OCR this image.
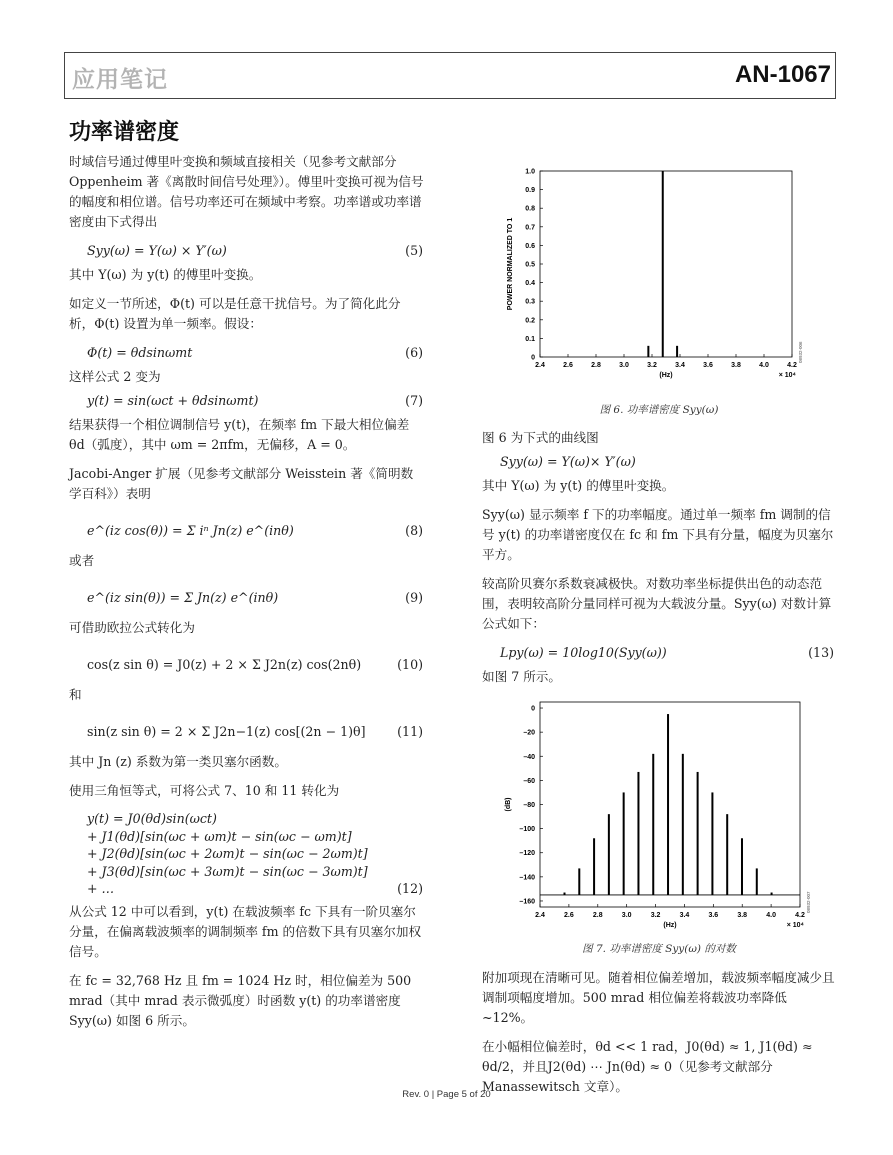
应用笔记	AN-1067
功率谱密度

时域信号通过傅里叶变换和频域直接相关（见参考文献部分 Oppenheim 著《离散时间信号处理》）。傅里叶变换可视为信号的幅度和相位谱。信号功率还可在频域中考察。功率谱或功率谱密度由下式得出

Syy(ω) = Y(ω) × Y′(ω)	(5)

其中 Y(ω) 为 y(t) 的傅里叶变换。

如定义一节所述，Φ(t) 可以是任意干扰信号。为了简化此分析，Φ(t) 设置为单一频率。假设：

Φ(t) = θdsinωmt	(6)

这样公式 2 变为

y(t) = sin(ωct + θdsinωmt)	(7)

结果获得一个相位调制信号 y(t)，在频率 fm 下最大相位偏差 θd（弧度），其中 ωm = 2πfm，无偏移，A = 0。

Jacobi-Anger 扩展（见参考文献部分 Weisstein 著《简明数学百科》）表明

e^(iz cos(θ)) = Σ iⁿ Jn(z) e^(inθ)	(8)

或者

e^(iz sin(θ)) = Σ Jn(z) e^(inθ)	(9)

可借助欧拉公式转化为

cos(z sin θ) = J0(z) + 2 × Σ J2n(z) cos(2nθ)	(10)

和

sin(z sin θ) = 2 × Σ J2n−1(z) cos[(2n − 1)θ]	(11)

其中 Jn (z) 系数为第一类贝塞尔函数。

使用三角恒等式，可将公式 7、10 和 11 转化为

y(t) = J0(θd)sin(ωct)
+ J1(θd)[sin(ωc + ωm)t − sin(ωc − ωm)t]
+ J2(θd)[sin(ωc + 2ωm)t − sin(ωc − 2ωm)t]
+ J3(θd)[sin(ωc + 3ωm)t − sin(ωc − 3ωm)t]
+ …	(12)

从公式 12 中可以看到，y(t) 在载波频率 fc 下具有一阶贝塞尔分量，在偏离载波频率的调制频率 fm 的倍数下具有贝塞尔加权信号。

在 fc = 32,768 Hz 且 fm = 1024 Hz 时，相位偏差为 500 mrad（其中 mrad 表示微弧度）时函数 y(t) 的功率谱密度 Syy(ω) 如图 6 所示。

0
0.1
0.2
0.3
0.4
0.5
0.6
0.7
0.8
0.9
1.0
2.4	2.6	2.8	3.0	3.2	3.4	3.6	3.8	4.0	4.2
(Hz)	× 10⁴
POWER NORMALIZED TO 1
08932-006
图 6. 功率谱密度 Syy(ω)

图 6 为下式的曲线图

Syy(ω) = Y(ω)× Y′(ω)

其中 Y(ω) 为 y(t) 的傅里叶变换。

Syy(ω) 显示频率 f 下的功率幅度。通过单一频率 fm 调制的信号 y(t) 的功率谱密度仅在 fc 和 fm 下具有分量，幅度为贝塞尔平方。

较高阶贝赛尔系数衰减极快。对数功率坐标提供出色的动态范围，表明较高阶分量同样可视为大载波分量。Syy(ω) 对数计算公式如下：

Lpy(ω) = 10log10(Syy(ω))	(13)

如图 7 所示。

0
–20
–40
–60
–80
–100
–120
–140
–160
2.4	2.6	2.8	3.0	3.2	3.4	3.6	3.8	4.0	4.2
(Hz)	× 10⁴
(dB)
08932-007
图 7. 功率谱密度 Syy(ω) 的对数

附加项现在清晰可见。随着相位偏差增加，载波频率幅度减少且调制项幅度增加。500 mrad 相位偏差将载波功率降低 ~12%。

在小幅相位偏差时，θd << 1 rad，J0(θd) ≈ 1, J1(θd) ≈ θd/2，并且J2(θd) ⋯ Jn(θd) ≈ 0（见参考文献部分 Manassewitsch 文章）。

Rev. 0 | Page 5 of 20
